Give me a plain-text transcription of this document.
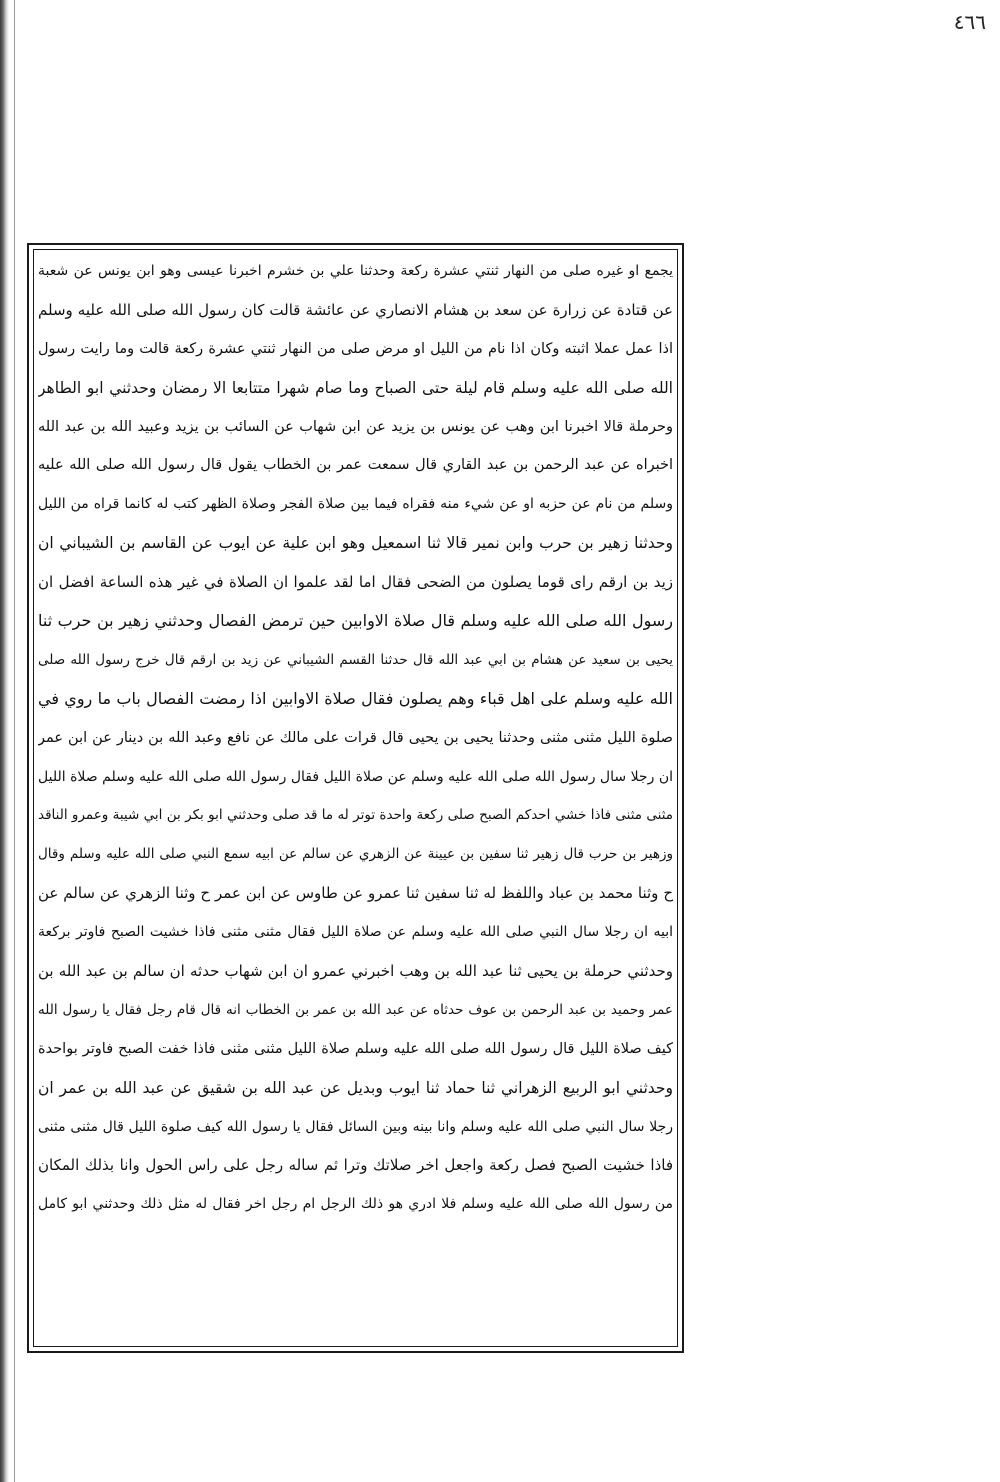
٤٦٦
يجمع او غيره صلى من النهار ثنتي عشرة ركعة وحدثنا علي بن خشرم اخبرنا عيسى وهو ابن يونس عن شعبة
عن قتادة عن زرارة عن سعد بن هشام الانصاري عن عائشة قالت كان رسول الله صلى الله عليه وسلم
اذا عمل عملا اثبته وكان اذا نام من الليل او مرض صلى من النهار ثنتي عشرة ركعة قالت وما رايت رسول
الله صلى الله عليه وسلم قام ليلة حتى الصباح وما صام شهرا متتابعا الا رمضان وحدثني ابو الطاهر
وحرملة قالا اخبرنا ابن وهب عن يونس بن يزيد عن ابن شهاب عن السائب بن يزيد وعبيد الله بن عبد الله
اخبراه عن عبد الرحمن بن عبد القاري قال سمعت عمر بن الخطاب يقول قال رسول الله صلى الله عليه
وسلم من نام عن حزبه او عن شيء منه فقراه فيما بين صلاة الفجر وصلاة الظهر كتب له كانما قراه من الليل
وحدثنا زهير بن حرب وابن نمير قالا ثنا اسمعيل وهو ابن علية عن ايوب عن القاسم بن الشيباني ان
زيد بن ارقم راى قوما يصلون من الضحى فقال اما لقد علموا ان الصلاة في غير هذه الساعة افضل ان
رسول الله صلى الله عليه وسلم قال صلاة الاوابين حين ترمض الفصال وحدثني زهير بن حرب ثنا
يحيى بن سعيد عن هشام بن ابي عبد الله قال حدثنا القسم الشيباني عن زيد بن ارقم قال خرج رسول الله صلى
الله عليه وسلم على اهل قباء وهم يصلون فقال صلاة الاوابين اذا رمضت الفصال باب ما روي في
صلوة الليل مثنى مثنى وحدثنا يحيى بن يحيى قال قرات على مالك عن نافع وعبد الله بن دينار عن ابن عمر
ان رجلا سال رسول الله صلى الله عليه وسلم عن صلاة الليل فقال رسول الله صلى الله عليه وسلم صلاة الليل
مثنى مثنى فاذا خشي احدكم الصبح صلى ركعة واحدة توتر له ما قد صلى وحدثني ابو بكر بن ابي شيبة وعمرو الناقد
وزهير بن حرب قال زهير ثنا سفين بن عيينة عن الزهري عن سالم عن ابيه سمع النبي صلى الله عليه وسلم وقال
ح وثنا محمد بن عباد واللفظ له ثنا سفين ثنا عمرو عن طاوس عن ابن عمر ح وثنا الزهري عن سالم عن
ابيه ان رجلا سال النبي صلى الله عليه وسلم عن صلاة الليل فقال مثنى مثنى فاذا خشيت الصبح فاوتر بركعة
وحدثني حرملة بن يحيى ثنا عبد الله بن وهب اخبرني عمرو ان ابن شهاب حدثه ان سالم بن عبد الله بن
عمر وحميد بن عبد الرحمن بن عوف حدثاه عن عبد الله بن عمر بن الخطاب انه قال قام رجل فقال يا رسول الله
كيف صلاة الليل قال رسول الله صلى الله عليه وسلم صلاة الليل مثنى مثنى فاذا خفت الصبح فاوتر بواحدة
وحدثني ابو الربيع الزهراني ثنا حماد ثنا ايوب وبديل عن عبد الله بن شقيق عن عبد الله بن عمر ان
رجلا سال النبي صلى الله عليه وسلم وانا بينه وبين السائل فقال يا رسول الله كيف صلوة الليل قال مثنى مثنى
فاذا خشيت الصبح فصل ركعة واجعل اخر صلاتك وترا ثم ساله رجل على راس الحول وانا بذلك المكان
من رسول الله صلى الله عليه وسلم فلا ادري هو ذلك الرجل ام رجل اخر فقال له مثل ذلك وحدثني ابو كامل
